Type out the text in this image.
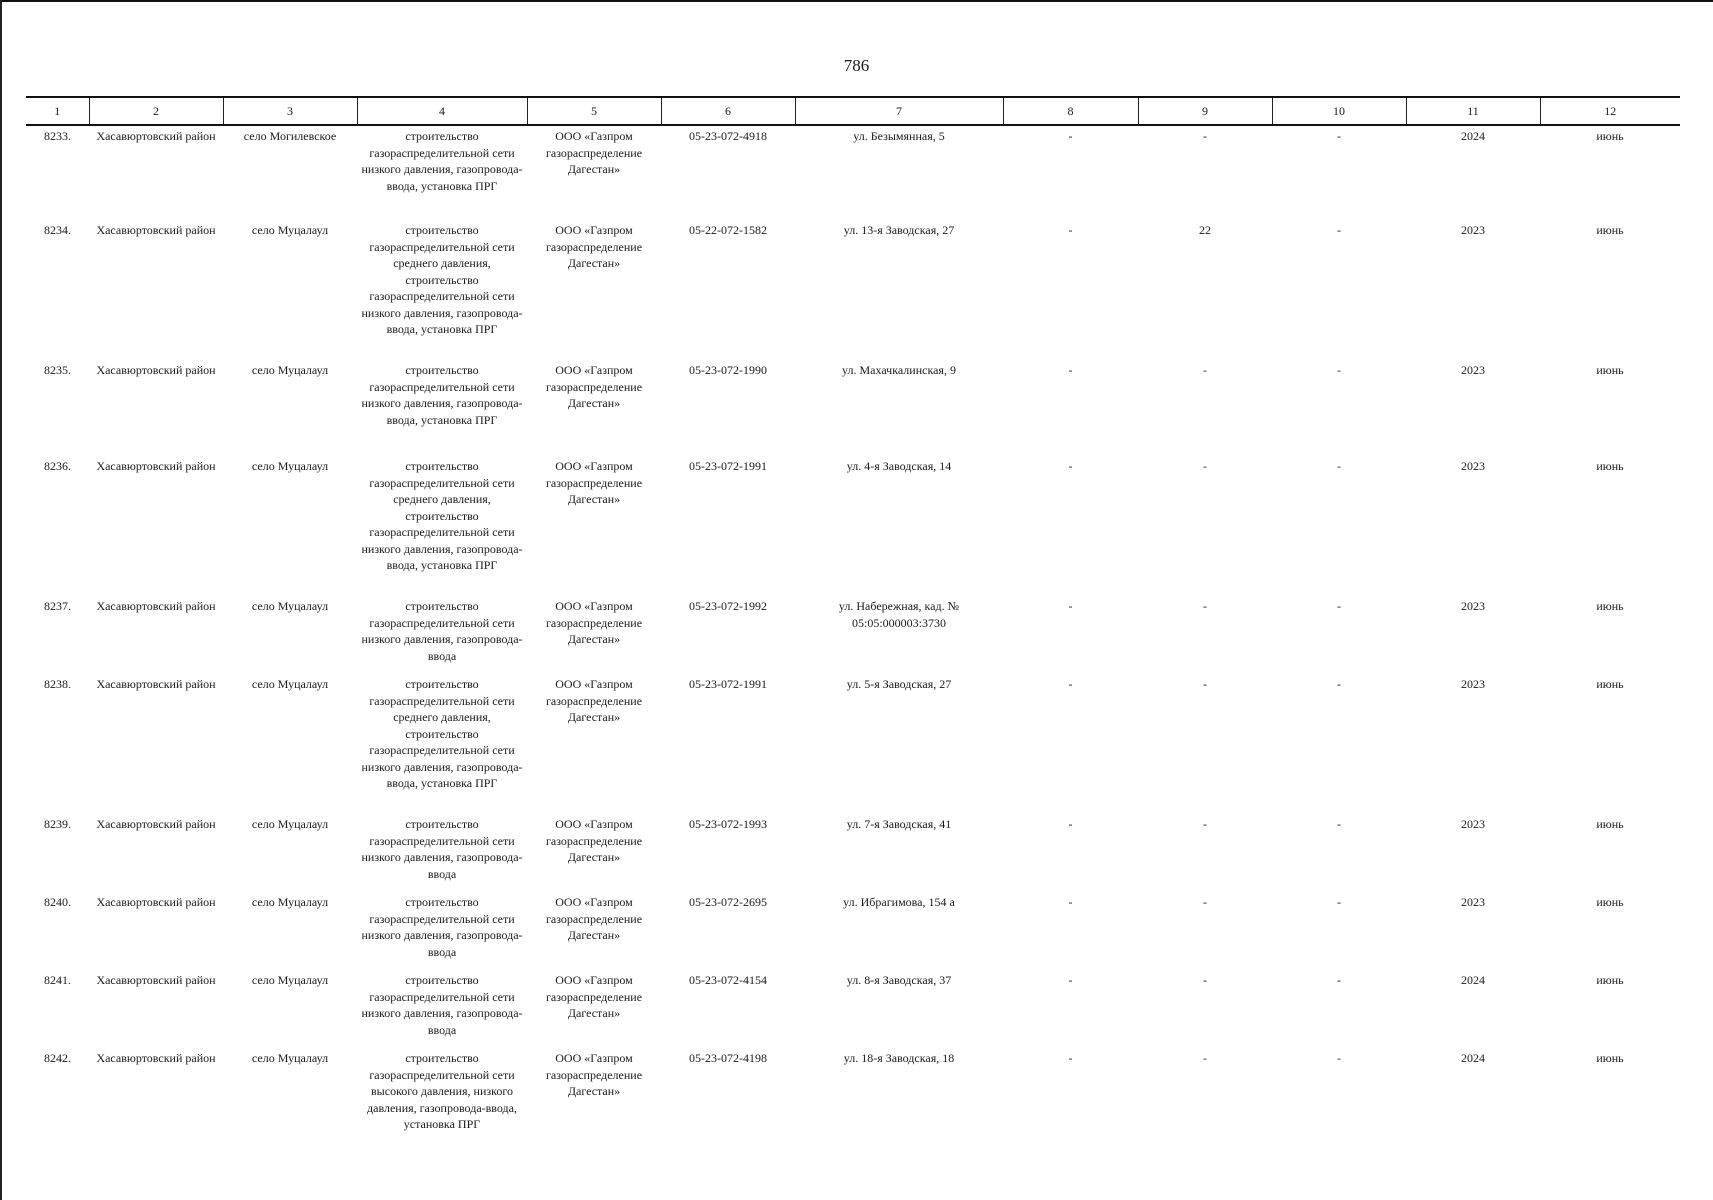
786
1	2	3	4	5	6	7	8	9	10	11	12
8233.	Хасавюртовский район	село Могилевское	строительство газораспределительной сети низкого давления, газопровода-ввода, установка ПРГ	ООО «Газпром газораспределение Дагестан»	05-23-072-4918	ул. Безымянная, 5	-	-	-	2024	июнь
8234.	Хасавюртовский район	село Муцалаул	строительство газораспределительной сети среднего давления, строительство газораспределительной сети низкого давления, газопровода-ввода, установка ПРГ	ООО «Газпром газораспределение Дагестан»	05-22-072-1582	ул. 13-я Заводская, 27	-	22	-	2023	июнь
8235.	Хасавюртовский район	село Муцалаул	строительство газораспределительной сети низкого давления, газопровода-ввода, установка ПРГ	ООО «Газпром газораспределение Дагестан»	05-23-072-1990	ул. Махачкалинская, 9	-	-	-	2023	июнь
8236.	Хасавюртовский район	село Муцалаул	строительство газораспределительной сети среднего давления, строительство газораспределительной сети низкого давления, газопровода-ввода, установка ПРГ	ООО «Газпром газораспределение Дагестан»	05-23-072-1991	ул. 4-я Заводская, 14	-	-	-	2023	июнь
8237.	Хасавюртовский район	село Муцалаул	строительство газораспределительной сети низкого давления, газопровода-ввода	ООО «Газпром газораспределение Дагестан»	05-23-072-1992	ул. Набережная, кад. № 05:05:000003:3730	-	-	-	2023	июнь
8238.	Хасавюртовский район	село Муцалаул	строительство газораспределительной сети среднего давления, строительство газораспределительной сети низкого давления, газопровода-ввода, установка ПРГ	ООО «Газпром газораспределение Дагестан»	05-23-072-1991	ул. 5-я Заводская, 27	-	-	-	2023	июнь
8239.	Хасавюртовский район	село Муцалаул	строительство газораспределительной сети низкого давления, газопровода-ввода	ООО «Газпром газораспределение Дагестан»	05-23-072-1993	ул. 7-я Заводская, 41	-	-	-	2023	июнь
8240.	Хасавюртовский район	село Муцалаул	строительство газораспределительной сети низкого давления, газопровода-ввода	ООО «Газпром газораспределение Дагестан»	05-23-072-2695	ул. Ибрагимова, 154 а	-	-	-	2023	июнь
8241.	Хасавюртовский район	село Муцалаул	строительство газораспределительной сети низкого давления, газопровода-ввода	ООО «Газпром газораспределение Дагестан»	05-23-072-4154	ул. 8-я Заводская, 37	-	-	-	2024	июнь
8242.	Хасавюртовский район	село Муцалаул	строительство газораспределительной сети высокого давления, низкого давления, газопровода-ввода, установка ПРГ	ООО «Газпром газораспределение Дагестан»	05-23-072-4198	ул. 18-я Заводская, 18	-	-	-	2024	июнь
